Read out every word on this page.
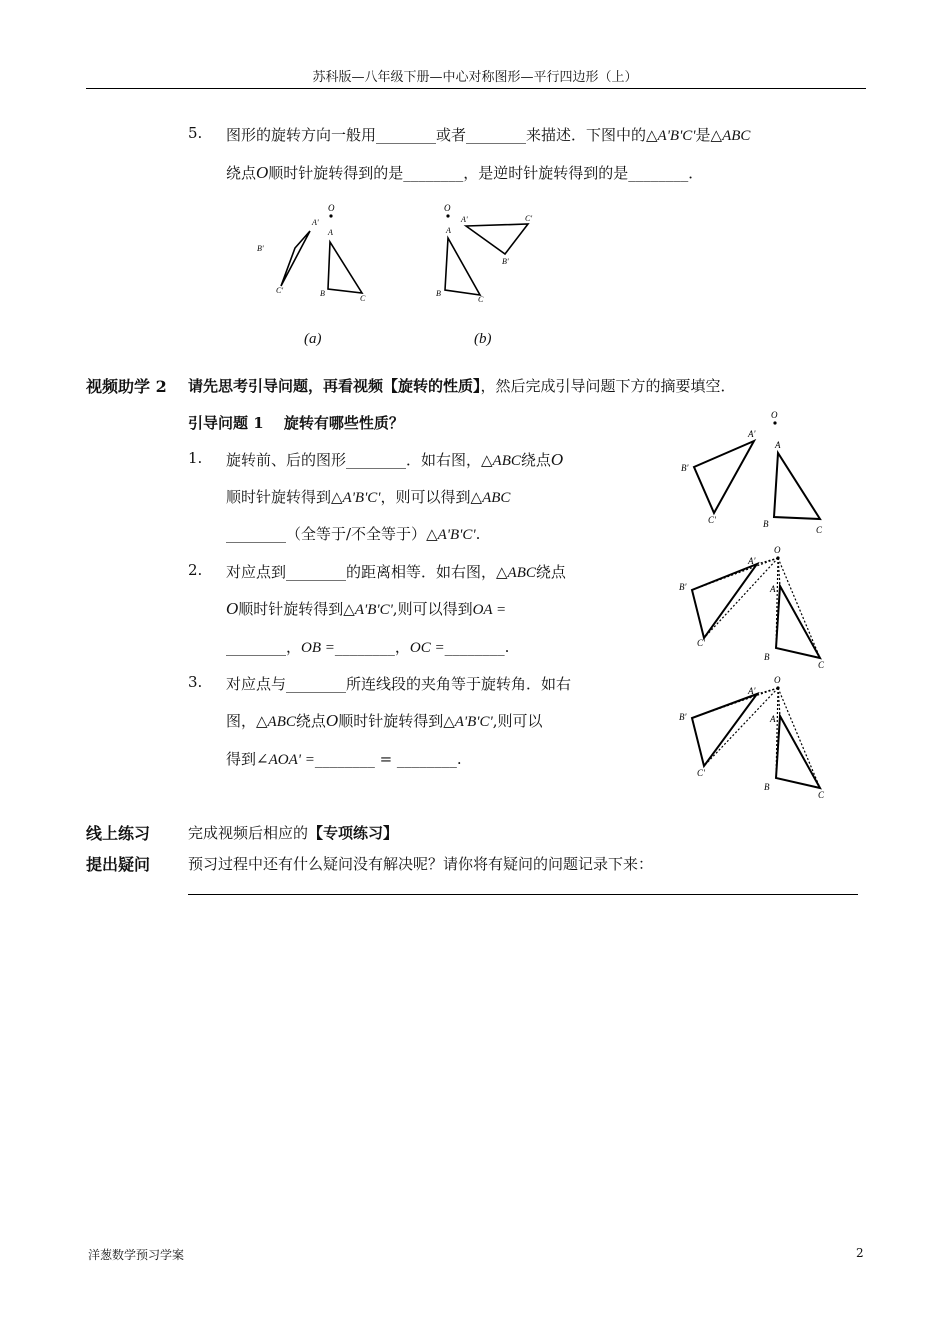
苏科版—八年级下册—中心对称图形—平行四边形（上）
5. 图形的旋转方向一般用________或者________来描述．下图中的△A'B'C'是△ABC
绕点O顺时针旋转得到的是________，是逆时针旋转得到的是________．
O
A'
B'
C'
A
B
C
O
A
B
C
A'	C'
B'
(a)	(b)
视频助学 2 请先思考引导问题，再看视频【旋转的性质】，然后完成引导问题下方的摘要填空．
引导问题 1　 旋转有哪些性质？
1. 旋转前、后的图形________．如右图，△ABC绕点O
顺时针旋转得到△A'B'C'，则可以得到△ABC
________（全等于/不全等于）△A'B'C'.
2. 对应点到________的距离相等．如右图，△ABC绕点
O顺时针旋转得到△A'B'C',则可以得到OA =
________，OB =________，OC =________.
3. 对应点与________所连线段的夹角等于旋转角．如右
图，△ABC绕点O顺时针旋转得到△A'B'C',则可以
得到∠AOA' =________ = ________.
O
A'
B'
C'
A
B
C
O
A'
B'
C'
A
B
C
O
A'
B'
C'
A
B
C
线上练习	完成视频后相应的【专项练习】
提出疑问	预习过程中还有什么疑问没有解决呢？请你将有疑问的问题记录下来：
洋葱数学预习学案	2
